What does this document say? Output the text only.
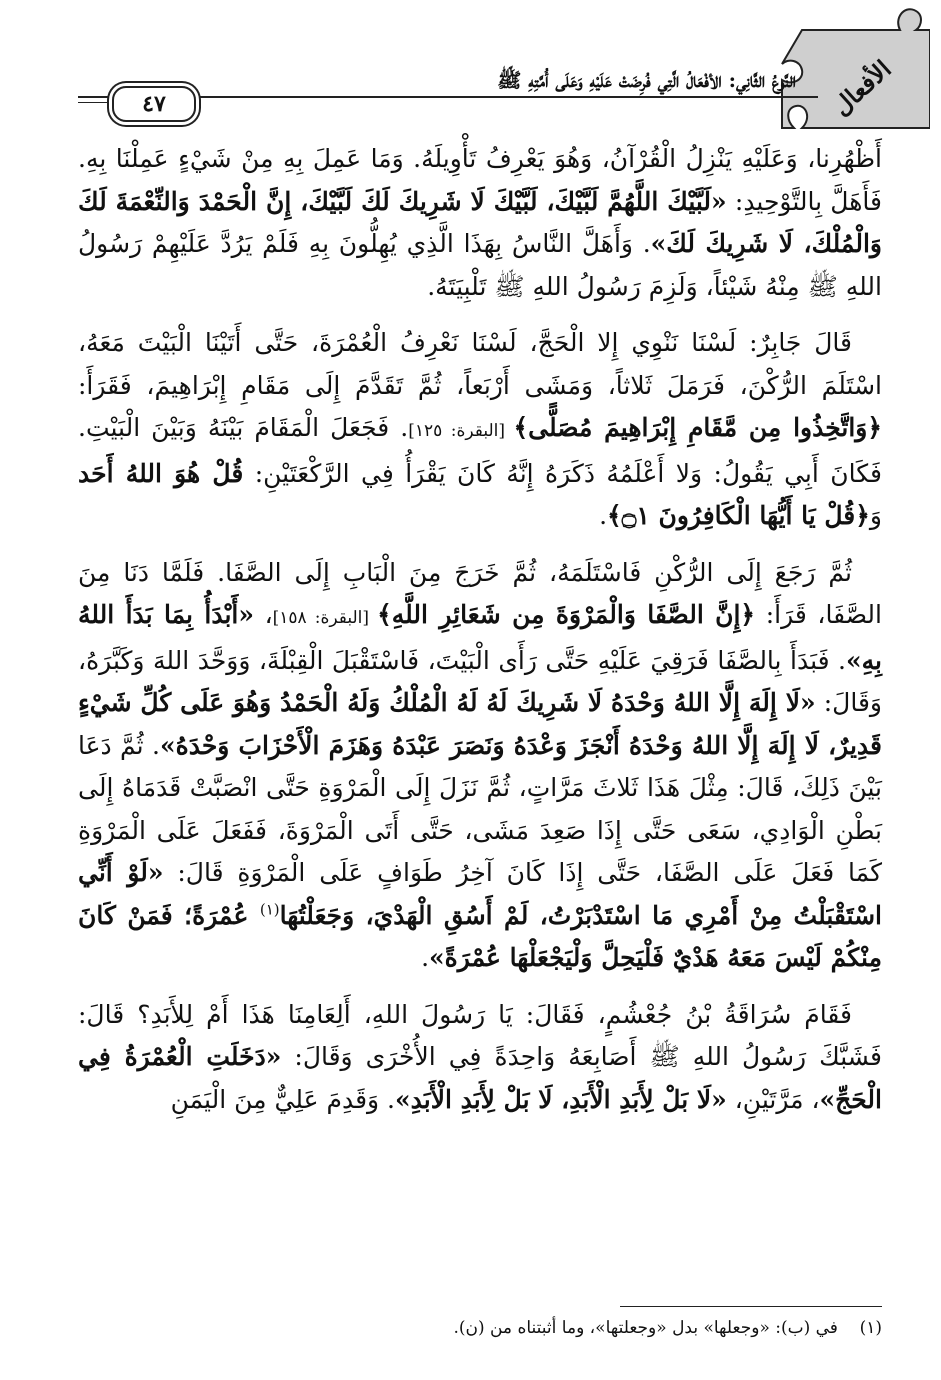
الأفعال
النَّوعُ الثَّانِي: الأفْعَالُ الَّتِي فُرِضَتْ عَلَيْهِ وَعَلَى أُمَّتِهِ ﷺ
٤٧

أَظْهُرِنا، وَعَلَيْهِ يَنْزِلُ الْقُرْآنُ، وَهُوَ يَعْرِفُ تَأْوِيلَهُ. وَمَا عَمِلَ بِهِ مِنْ شَيْءٍ عَمِلْنَا بِهِ. فَأَهَلَّ بِالتَّوْحِيدِ: «لَبَّيْكَ اللَّهُمَّ لَبَّيْكَ، لَبَّيْكَ لَا شَرِيكَ لَكَ لَبَّيْكَ، إِنَّ الْحَمْدَ وَالنِّعْمَةَ لَكَ وَالْمُلْكَ، لَا شَرِيكَ لَكَ». وَأَهَلَّ النَّاسُ بِهَذَا الَّذِي يُهِلُّونَ بِهِ فَلَمْ يَرُدَّ عَلَيْهِمْ رَسُولُ اللهِ ﷺ مِنْهُ شَيْئاً، وَلَزِمَ رَسُولُ اللهِ ﷺ تَلْبِيَتَهُ.

قَالَ جَابِرٌ: لَسْنَا نَنْوِي إِلا الْحَجَّ، لَسْنَا نَعْرِفُ الْعُمْرَةَ، حَتَّى أَتَيْنَا الْبَيْتَ مَعَهُ، اسْتَلَمَ الرُّكْنَ، فَرَمَلَ ثَلاثاً، وَمَشَى أَرْبَعاً، ثُمَّ تَقَدَّمَ إِلَى مَقَامِ إِبْرَاهِيمَ، فَقَرَأَ: ﴿وَاتَّخِذُوا مِن مَّقَامِ إِبْرَاهِيمَ مُصَلًّى﴾ [البقرة: ١٢٥]. فَجَعَلَ الْمَقَامَ بَيْنَهُ وَبَيْنَ الْبَيْتِ. فَكَانَ أَبِي يَقُولُ: وَلا أَعْلَمُهُ ذَكَرَهُ إِنَّهُ كَانَ يَقْرَأُ فِي الرَّكْعَتَيْنِ: قُلْ هُوَ اللهُ أَحَد وَ﴿قُلْ يَا أَيُّهَا الْكَافِرُونَ ۝١﴾.

ثُمَّ رَجَعَ إِلَى الرُّكْنِ فَاسْتَلَمَهُ، ثُمَّ خَرَجَ مِنَ الْبَابِ إِلَى الصَّفَا. فَلَمَّا دَنَا مِنَ الصَّفَا، قَرَأَ: ﴿إِنَّ الصَّفَا وَالْمَرْوَةَ مِن شَعَائِرِ اللَّهِ﴾ [البقرة: ١٥٨]، «أَبْدَأُ بِمَا بَدَأَ اللهُ بِهِ». فَبَدَأَ بِالصَّفَا فَرَقِيَ عَلَيْهِ حَتَّى رَأَى الْبَيْتَ، فَاسْتَقْبَلَ الْقِبْلَةَ، وَوَحَّدَ اللهَ وَكَبَّرَهُ، وَقَالَ: «لَا إِلَهَ إِلَّا اللهُ وَحْدَهُ لَا شَرِيكَ لَهُ لَهُ الْمُلْكُ وَلَهُ الْحَمْدُ وَهُوَ عَلَى كُلِّ شَيْءٍ قَدِيرٌ، لَا إِلَهَ إِلَّا اللهُ وَحْدَهُ أَنْجَزَ وَعْدَهُ وَنَصَرَ عَبْدَهُ وَهَزَمَ الْأَحْزَابَ وَحْدَهُ». ثُمَّ دَعَا بَيْنَ ذَلِكَ، قَالَ: مِثْلَ هَذَا ثَلاثَ مَرَّاتٍ، ثُمَّ نَزَلَ إِلَى الْمَرْوَةِ حَتَّى انْصَبَّتْ قَدَمَاهُ إِلَى بَطْنِ الْوَادِي، سَعَى حَتَّى إِذَا صَعِدَ مَشَى، حَتَّى أَتَى الْمَرْوَةَ، فَفَعَلَ عَلَى الْمَرْوَةِ كَمَا فَعَلَ عَلَى الصَّفَا، حَتَّى إِذَا كَانَ آخِرُ طَوَافٍ عَلَى الْمَرْوَةِ قَالَ: «لَوْ أَنِّي اسْتَقْبَلْتُ مِنْ أَمْرِي مَا اسْتَدْبَرْتُ، لَمْ أَسُقِ الْهَدْيَ، وَجَعَلْتُهَا$^{(١)}$ عُمْرَةً؛ فَمَنْ كَانَ مِنْكُمْ لَيْسَ مَعَهُ هَدْيٌ فَلْيَحِلَّ وَلْيَجْعَلْهَا عُمْرَةً».

فَقَامَ سُرَاقَةُ بْنُ جُعْشُمٍ، فَقَالَ: يَا رَسُولَ اللهِ، أَلِعَامِنَا هَذَا أَمْ لِلأَبَدِ؟ قَالَ: فَشَبَّكَ رَسُولُ اللهِ ﷺ أَصَابِعَهُ وَاحِدَةً فِي الأُخْرَى وَقَالَ: «دَخَلَتِ الْعُمْرَةُ فِي الْحَجِّ»، مَرَّتَيْنِ، «لَا بَلْ لِأَبَدِ الْأَبَدِ، لَا بَلْ لِأَبَدِ الْأَبَدِ». وَقَدِمَ عَلِيٌّ مِنَ الْيَمَنِ

(١)    في (ب): «وجعلها» بدل «وجعلتها»، وما أثبتناه من (ن).
